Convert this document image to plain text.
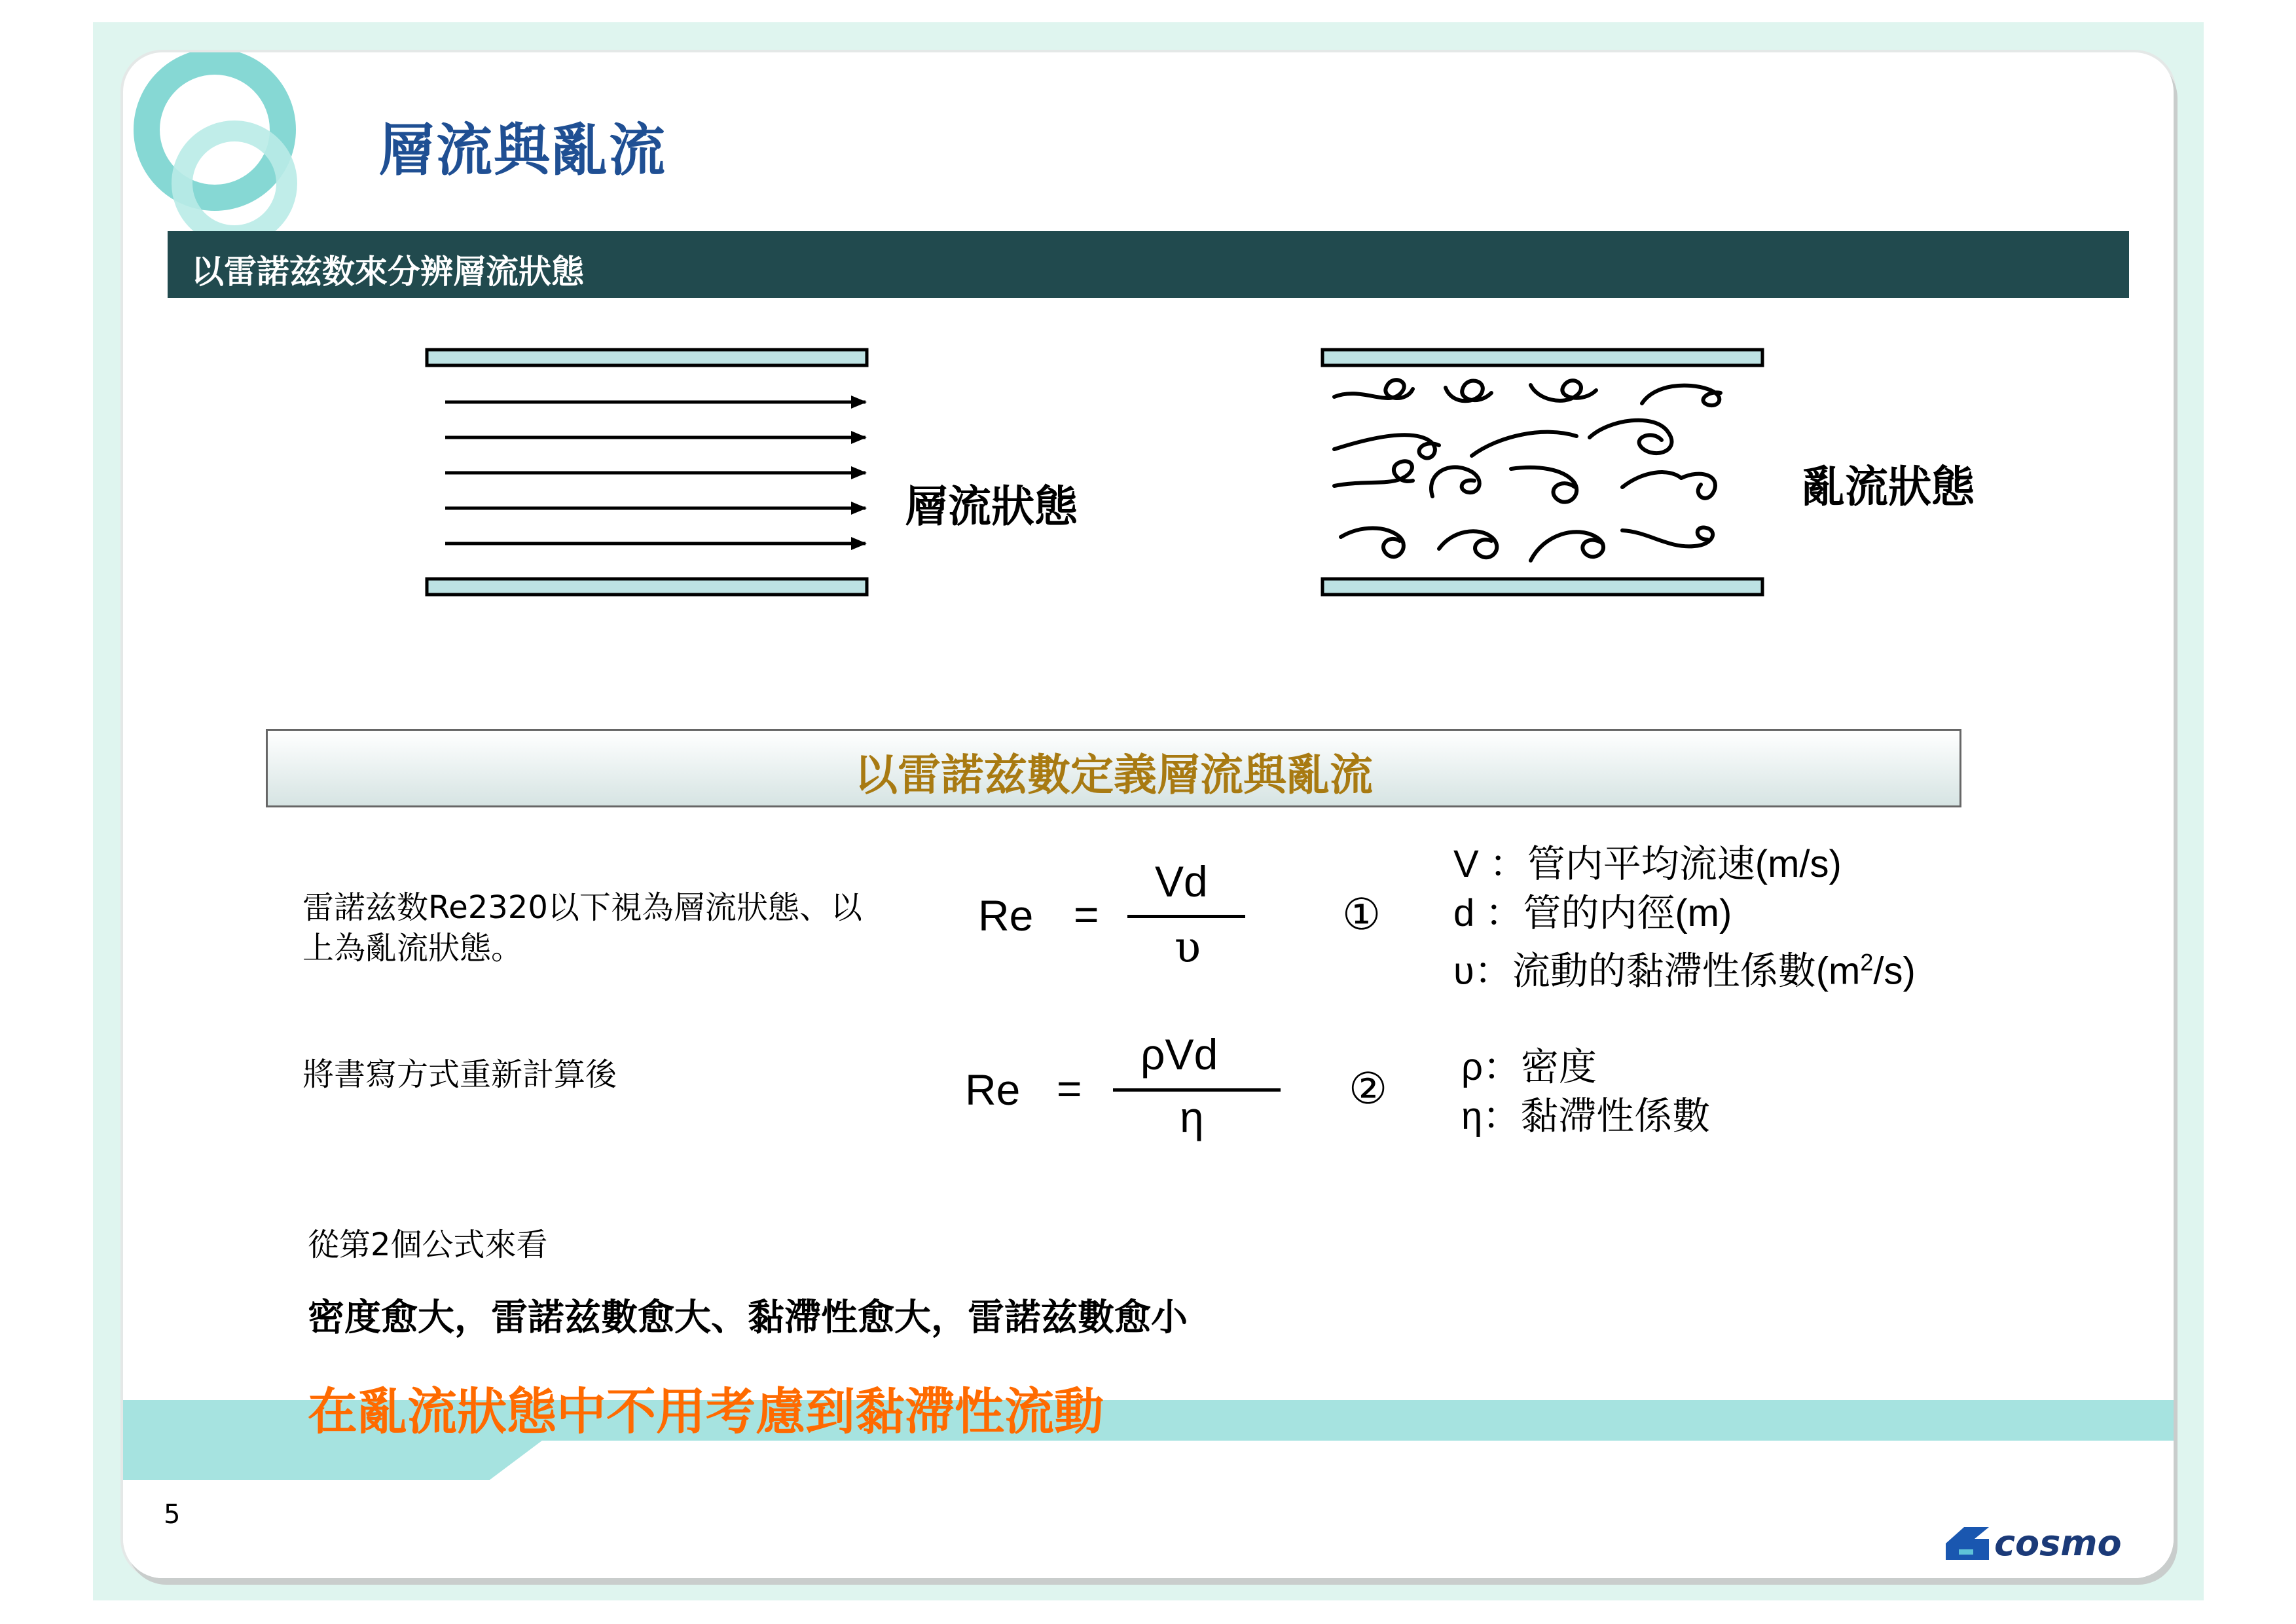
層流與亂流
以雷諾兹数來分辨層流狀態
層流狀態	亂流狀態
以雷諾兹數定義層流與亂流
雷諾兹数Re2320以下視為層流狀態、以
上為亂流狀態。
Re =
Vd
υ
①
V ：管内平均流速(m/s)
d ：管的内徑(m)
υ：流動的黏滯性係數$(m^2/s)$
將書寫方式重新計算後	Re =
ρVd
η
② ρ：密度
η：黏滯性係數
從第2個公式來看
密度愈大，雷諾兹數愈大、黏滯性愈大，雷諾兹數愈小
在亂流狀態中不用考慮到黏滯性流動
5
cosmo
